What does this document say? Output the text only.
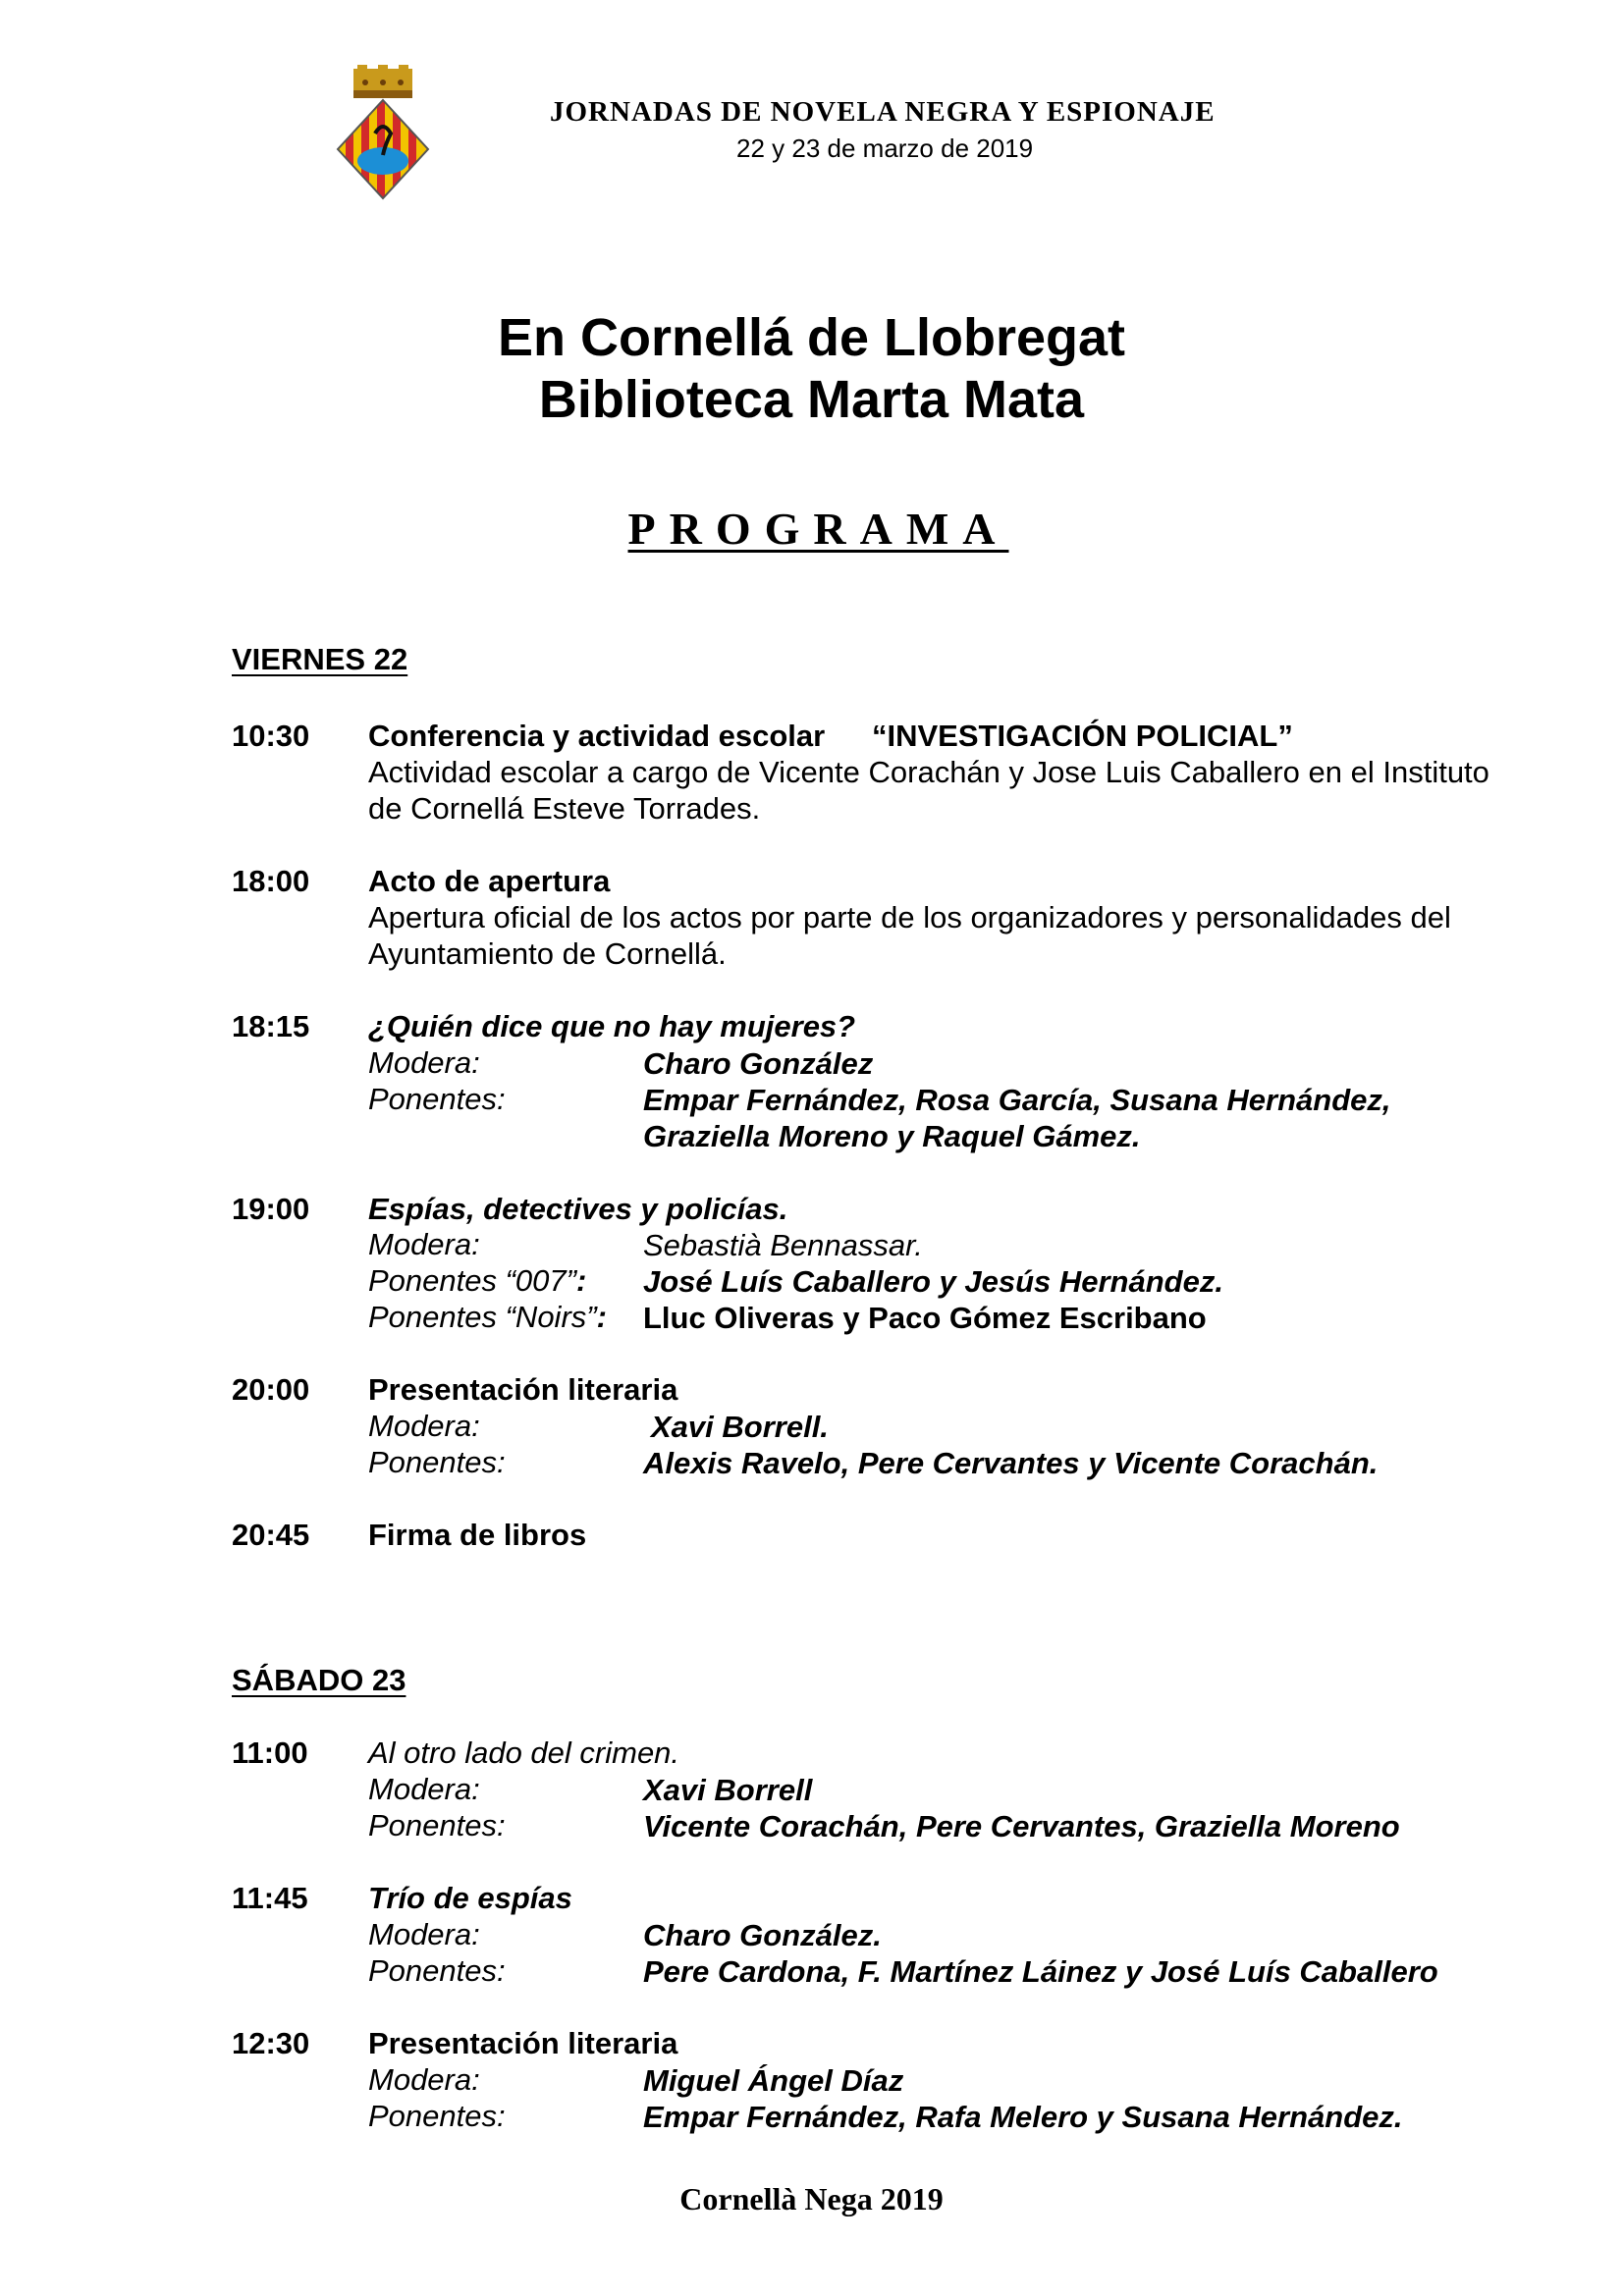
JORNADAS DE NOVELA NEGRA Y ESPIONAJE
22 y 23 de marzo de 2019
En Cornellá de Llobregat
Biblioteca Marta Mata
PROGRAMA
VIERNES 22
10:30 Conferencia y actividad escolar “INVESTIGACIÓN POLICIAL”
Actividad escolar a cargo de Vicente Corachán y Jose Luis Caballero en el Instituto de Cornellá Esteve Torrades.
18:00 Acto de apertura
Apertura oficial de los actos por parte de los organizadores y personalidades del Ayuntamiento de Cornellá.
18:15 ¿Quién dice que no hay mujeres?
Modera:	Charo González
Ponentes:	Empar Fernández, Rosa García, Susana Hernández,
Graziella Moreno y Raquel Gámez.
19:00 Espías, detectives y policías.
Modera:	Sebastià Bennassar.
Ponentes “007”: José Luís Caballero y Jesús Hernández.
Ponentes “Noirs”: Lluc Oliveras y Paco Gómez Escribano
20:00 Presentación literaria
Modera:	Xavi Borrell.
Ponentes:	Alexis Ravelo, Pere Cervantes y Vicente Corachán.
20:45 Firma de libros
SÁBADO 23
11:00 Al otro lado del crimen.
Modera:	Xavi Borrell
Ponentes:	Vicente Corachán, Pere Cervantes, Graziella Moreno
11:45 Trío de espías
Modera:	Charo González.
Ponentes:	Pere Cardona, F. Martínez Láinez y José Luís Caballero
12:30 Presentación literaria
Modera:	Miguel Ángel Díaz
Ponentes:	Empar Fernández, Rafa Melero y Susana Hernández.
Cornellà Nega 2019
